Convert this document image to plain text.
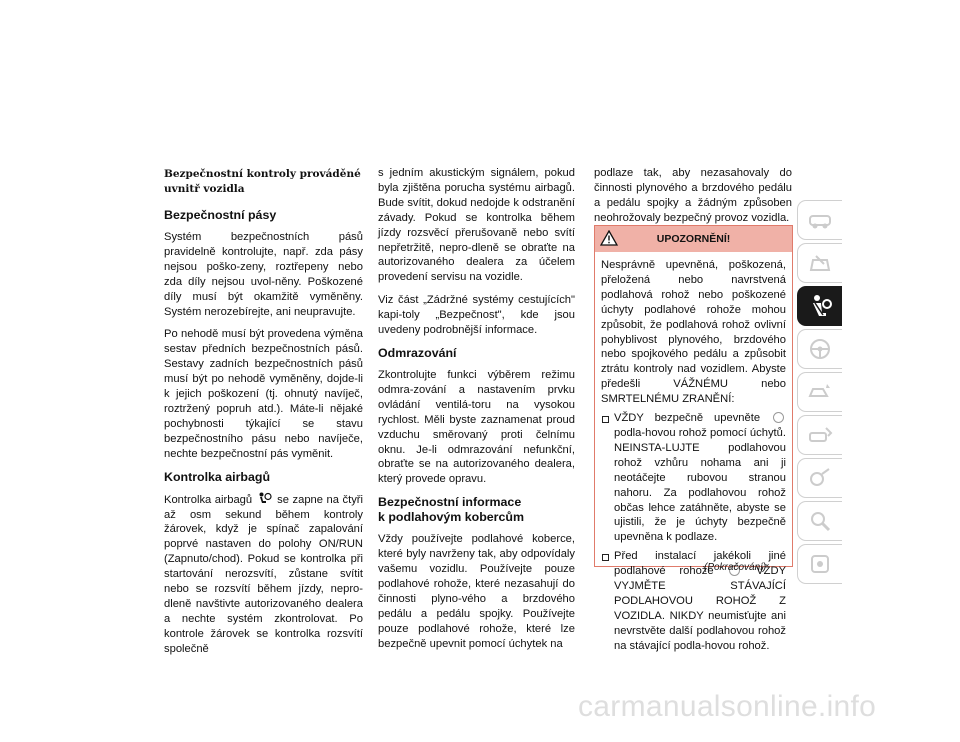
Bezpečnostní kontroly prováděné uvnitř vozidla
Bezpečnostní pásy

Systém bezpečnostních pásů pravidelně kontrolujte, např. zda pásy nejsou poško-zeny, roztřepeny nebo zda díly nejsou uvol-něny. Poškozené díly musí být okamžitě vyměněny. Systém nerozebírejte, ani neupravujte.

Po nehodě musí být provedena výměna sestav předních bezpečnostních pásů. Sestavy zadních bezpečnostních pásů musí být po nehodě vyměněny, dojde-li k jejich poškození (tj. ohnutý navíječ, roztržený popruh atd.). Máte-li nějaké pochybnosti týkající se stavu bezpečnostního pásu nebo navíječe, nechte bezpečnostní pás vyměnit.

Kontrolka airbagů

Kontrolka airbagů se zapne na čtyři až osm sekund během kontroly žárovek, když je spínač zapalování poprvé nastaven do polohy ON/RUN (Zapnuto/chod). Pokud se kontrolka při startování nerozsvítí, zůstane svítit nebo se rozsvítí během jízdy, nepro-dleně navštivte autorizovaného dealera a nechte systém zkontrolovat. Po kontrole žárovek se kontrolka rozsvítí společně

s jedním akustickým signálem, pokud byla zjištěna porucha systému airbagů. Bude svítit, dokud nedojde k odstranění závady. Pokud se kontrolka během jízdy rozsvěcí přerušovaně nebo svítí nepřetržitě, nepro-dleně se obraťte na autorizovaného dealera za účelem provedení servisu na vozidle.

Viz část „Zádržné systémy cestujících" kapi-toly „Bezpečnost", kde jsou uvedeny podrobnější informace.

Odmrazování

Zkontrolujte funkci výběrem režimu odmra-zování a nastavením prvku ovládání ventilá-toru na vysokou rychlost. Měli byste zaznamenat proud vzduchu směrovaný proti čelnímu oknu. Je-li odmrazování nefunkční, obraťte se na autorizovaného dealera, který provede opravu.

Bezpečnostní informace
k podlahovým kobercům

Vždy používejte podlahové koberce, které byly navrženy tak, aby odpovídaly vašemu vozidlu. Používejte pouze podlahové rohože, které nezasahují do činnosti plyno-vého a brzdového pedálu a pedálu spojky. Používejte pouze podlahové rohože, které lze bezpečně upevnit pomocí úchytek na

podlaze tak, aby nezasahovaly do činnosti plynového a brzdového pedálu a pedálu spojky a žádným způsoben neohrožovaly bezpečný provoz vozidla.

UPOZORNĚNÍ!

Nesprávně upevněná, poškozená, přeložená nebo navrstvená podlahová rohož nebo poškozené úchyty podlahové rohože mohou způsobit, že podlahová rohož ovlivní pohyblivost plynového, brzdového nebo spojkového pedálu a způsobit ztrátu kontroly nad vozidlem. Abyste předešli VÁŽNÉMU nebo SMRTELNÉMU ZRANĚNÍ:

VŽDY bezpečně upevněte  podla-hovou rohož pomocí úchytů. NEINSTA-LUJTE podlahovou rohož vzhůru nohama ani ji neotáčejte rubovou stranou nahoru. Za podlahovou rohož občas lehce zatáhněte, abyste se ujistili, že je úchyty bezpečně upevněna k podlaze.

Před instalací jakékoli jiné podlahové rohože	VŽDY VYJMĚTE STÁVAJÍCÍ PODLAHOVOU ROHOŽ Z VOZIDLA. NIKDY neumisťujte ani nevrstvěte další podlahovou rohož na stávající podla-hovou rohož.

(Pokračování)
carmanualsonline.info
